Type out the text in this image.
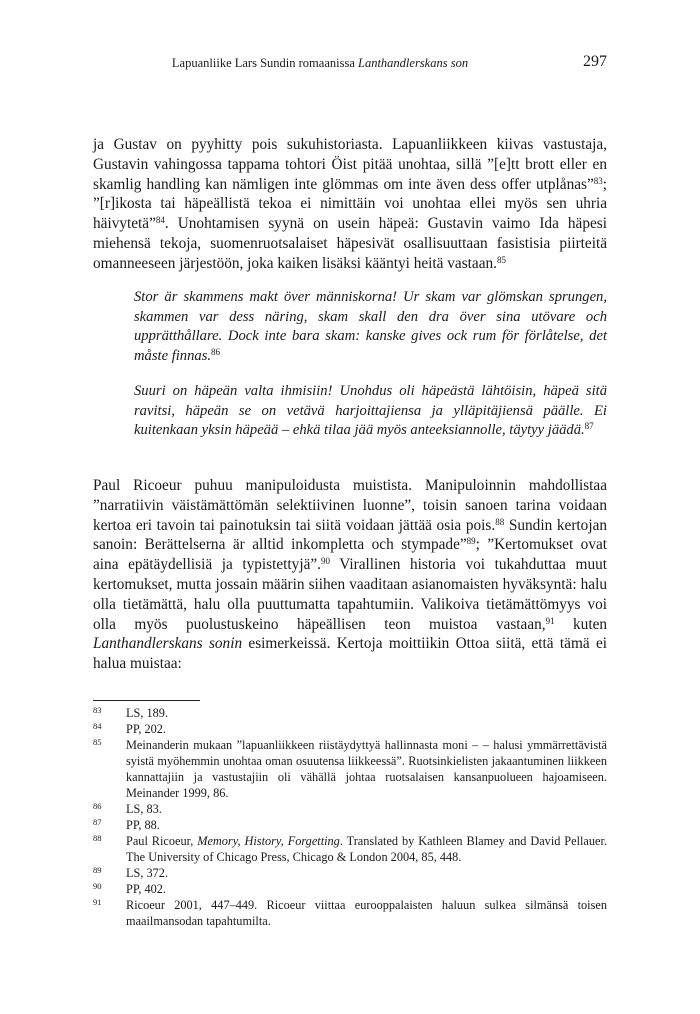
Lapuanliike Lars Sundin romaanissa Lanthandlerskans son	297
ja Gustav on pyyhitty pois sukuhistoriasta. Lapuanliikkeen kiivas vastustaja, Gustavin vahingossa tappama tohtori Öist pitää unohtaa, sillä ”[e]tt brott eller en skamlig handling kan nämligen inte glömmas om inte även dess offer utplånas”$^{83}$; ”[r]ikosta tai häpeällistä tekoa ei nimittäin voi unohtaa ellei myös sen uhria häivytetä”$^{84}$. Unohtamisen syynä on usein häpeä: Gustavin vaimo Ida häpesi miehensä tekoja, suomenruotsalaiset häpesivät osallisuuttaan fasistisia piirteitä omanneeseen järjestöön, joka kaiken lisäksi kääntyi heitä vastaan.$^{85}$
Stor är skammens makt över människorna! Ur skam var glömskan sprungen, skammen var dess näring, skam skall den dra över sina utövare och upprätthållare. Dock inte bara skam: kanske gives ock rum för förlåtelse, det måste finnas.$^{86}$
Suuri on häpeän valta ihmisiin! Unohdus oli häpeästä lähtöisin, häpeä sitä ravitsi, häpeän se on vetävä harjoittajiensa ja ylläpitäjiensä päälle. Ei kuitenkaan yksin häpeää – ehkä tilaa jää myös anteeksiannolle, täytyy jäädä.$^{87}$
Paul Ricoeur puhuu manipuloidusta muistista. Manipuloinnin mahdollistaa ”narratiivin väistämättömän selektiivinen luonne”, toisin sanoen tarina voidaan kertoa eri tavoin tai painotuksin tai siitä voidaan jättää osia pois.$^{88}$ Sundin kertojan sanoin: Berättelserna är alltid inkompletta och stympade”$^{89}$; ”Kertomukset ovat aina epätäydellisiä ja typistettyjä”.$^{90}$ Virallinen historia voi tukahduttaa muut kertomukset, mutta jossain määrin siihen vaaditaan asianomaisten hyväksyntä: halu olla tietämättä, halu olla puuttumatta tapahtumiin. Valikoiva tietämättömyys voi olla myös puolustuskeino häpeällisen teon muistoa vastaan,$^{91}$ kuten Lanthandlerskans sonin esimerkeissä. Kertoja moittiikin Ottoa siitä, että tämä ei halua muistaa:
83 LS, 189.
84 PP, 202.
85 Meinanderin mukaan ”lapuanliikkeen riistäydyttyä hallinnasta moni – – halusi ymmärrettävistä syistä myöhemmin unohtaa oman osuutensa liikkeessä”. Ruotsinkielisten jakaantuminen liikkeen kannattajiin ja vastustajiin oli vähällä johtaa ruotsalaisen kansanpuolueen hajoamiseen. Meinander 1999, 86.
86 LS, 83.
87 PP, 88.
88 Paul Ricoeur, Memory, History, Forgetting. Translated by Kathleen Blamey and David Pellauer. The University of Chicago Press, Chicago & London 2004, 85, 448.
89 LS, 372.
90 PP, 402.
91 Ricoeur 2001, 447–449. Ricoeur viittaa eurooppalaisten haluun sulkea silmänsä toisen maailmansodan tapahtumilta.
